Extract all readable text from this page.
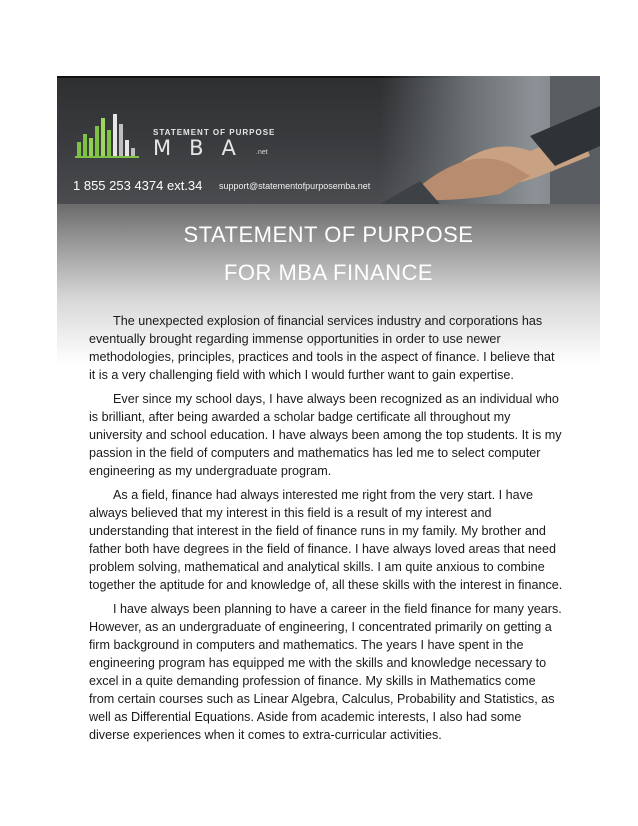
STATEMENT OF PURPOSE
MBA .net
1 855 253 4374 ext.34 support@statementofpurposemba.net
STATEMENT OF PURPOSE
FOR MBA FINANCE

The unexpected explosion of financial services industry and corporations has eventually brought regarding immense opportunities in order to use newer methodologies, principles, practices and tools in the aspect of finance. I believe that it is a very challenging field with which I would further want to gain expertise.

Ever since my school days, I have always been recognized as an individual who is brilliant, after being awarded a scholar badge certificate all throughout my university and school education. I have always been among the top students. It is my passion in the field of computers and mathematics has led me to select computer engineering as my undergraduate program.

As a field, finance had always interested me right from the very start. I have always believed that my interest in this field is a result of my interest and understanding that interest in the field of finance runs in my family. My brother and father both have degrees in the field of finance. I have always loved areas that need problem solving, mathematical and analytical skills. I am quite anxious to combine together the aptitude for and knowledge of, all these skills with the interest in finance.

I have always been planning to have a career in the field finance for many years. However, as an undergraduate of engineering, I concentrated primarily on getting a firm background in computers and mathematics. The years I have spent in the engineering program has equipped me with the skills and knowledge necessary to excel in a quite demanding profession of finance. My skills in Mathematics come from certain courses such as Linear Algebra, Calculus, Probability and Statistics, as well as Differential Equations. Aside from academic interests, I also had some diverse experiences when it comes to extra-curricular activities.
